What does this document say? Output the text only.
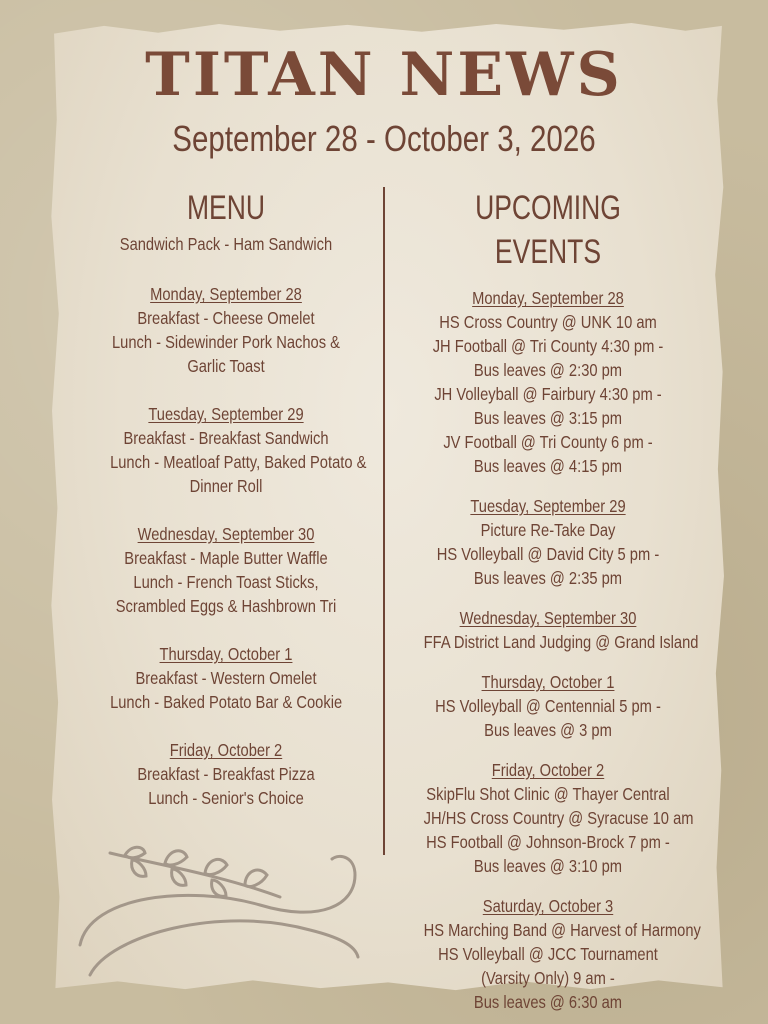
TITAN NEWS
September 28 - October 3, 2026
MENU
Sandwich Pack - Ham Sandwich
Monday, September 28
Breakfast - Cheese Omelet
Lunch - Sidewinder Pork Nachos &
Garlic Toast
Tuesday, September 29
Breakfast - Breakfast Sandwich
Lunch - Meatloaf Patty, Baked Potato &
Dinner Roll
Wednesday, September 30
Breakfast - Maple Butter Waffle
Lunch - French Toast Sticks,
Scrambled Eggs & Hashbrown Tri
Thursday, October 1
Breakfast - Western Omelet
Lunch - Baked Potato Bar & Cookie
Friday, October 2
Breakfast - Breakfast Pizza
Lunch - Senior's Choice
UPCOMING EVENTS
Monday, September 28
HS Cross Country @ UNK 10 am
JH Football @ Tri County 4:30 pm -
Bus leaves @ 2:30 pm
JH Volleyball @ Fairbury 4:30 pm -
Bus leaves @ 3:15 pm
JV Football @ Tri County 6 pm -
Bus leaves @ 4:15 pm
Tuesday, September 29
Picture Re-Take Day
HS Volleyball @ David City 5 pm -
Bus leaves @ 2:35 pm
Wednesday, September 30
FFA District Land Judging @ Grand Island
Thursday, October 1
HS Volleyball @ Centennial 5 pm -
Bus leaves @ 3 pm
Friday, October 2
SkipFlu Shot Clinic @ Thayer Central
JH/HS Cross Country @ Syracuse 10 am
HS Football @ Johnson-Brock 7 pm -
Bus leaves @ 3:10 pm
Saturday, October 3
HS Marching Band @ Harvest of Harmony
HS Volleyball @ JCC Tournament
(Varsity Only) 9 am -
Bus leaves @ 6:30 am
